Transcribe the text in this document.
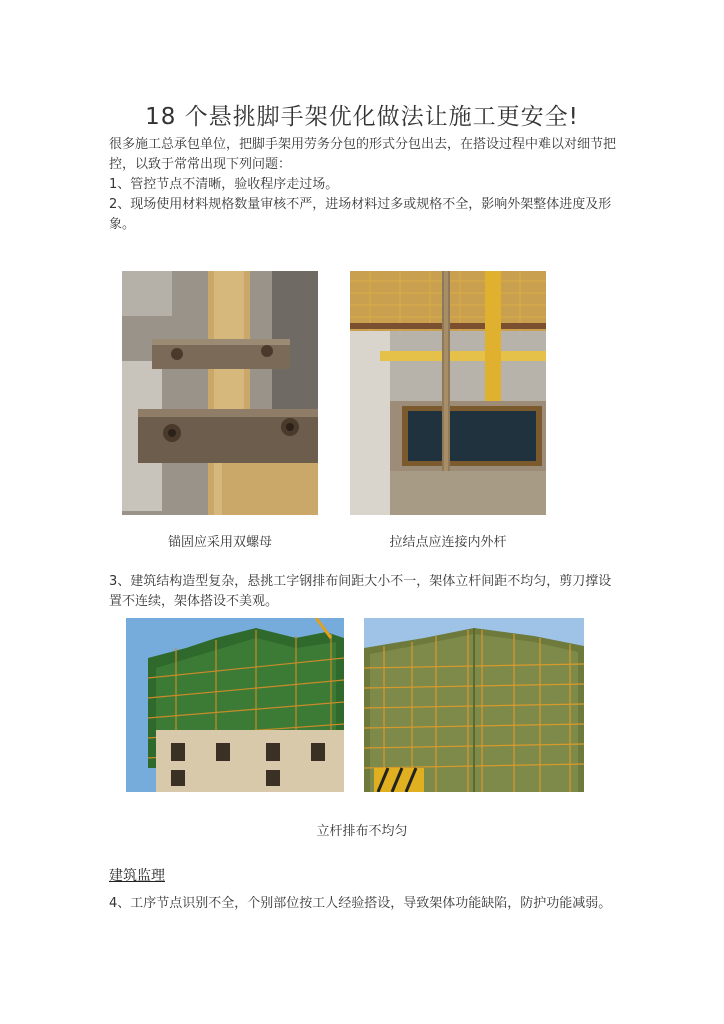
18 个悬挑脚手架优化做法让施工更安全!
很多施工总承包单位，把脚手架用劳务分包的形式分包出去，在搭设过程中难以对细节把控，以致于常常出现下列问题：
1、管控节点不清晰，验收程序走过场。
2、现场使用材料规格数量审核不严，进场材料过多或规格不全，影响外架整体进度及形象。
锚固应采用双螺母	拉结点应连接内外杆
3、建筑结构造型复杂，悬挑工字钢排布间距大小不一，架体立杆间距不均匀，剪刀撑设置不连续，架体搭设不美观。
立杆排布不均匀
建筑监理
4、工序节点识别不全，个别部位按工人经验搭设，导致架体功能缺陷，防护功能减弱。
